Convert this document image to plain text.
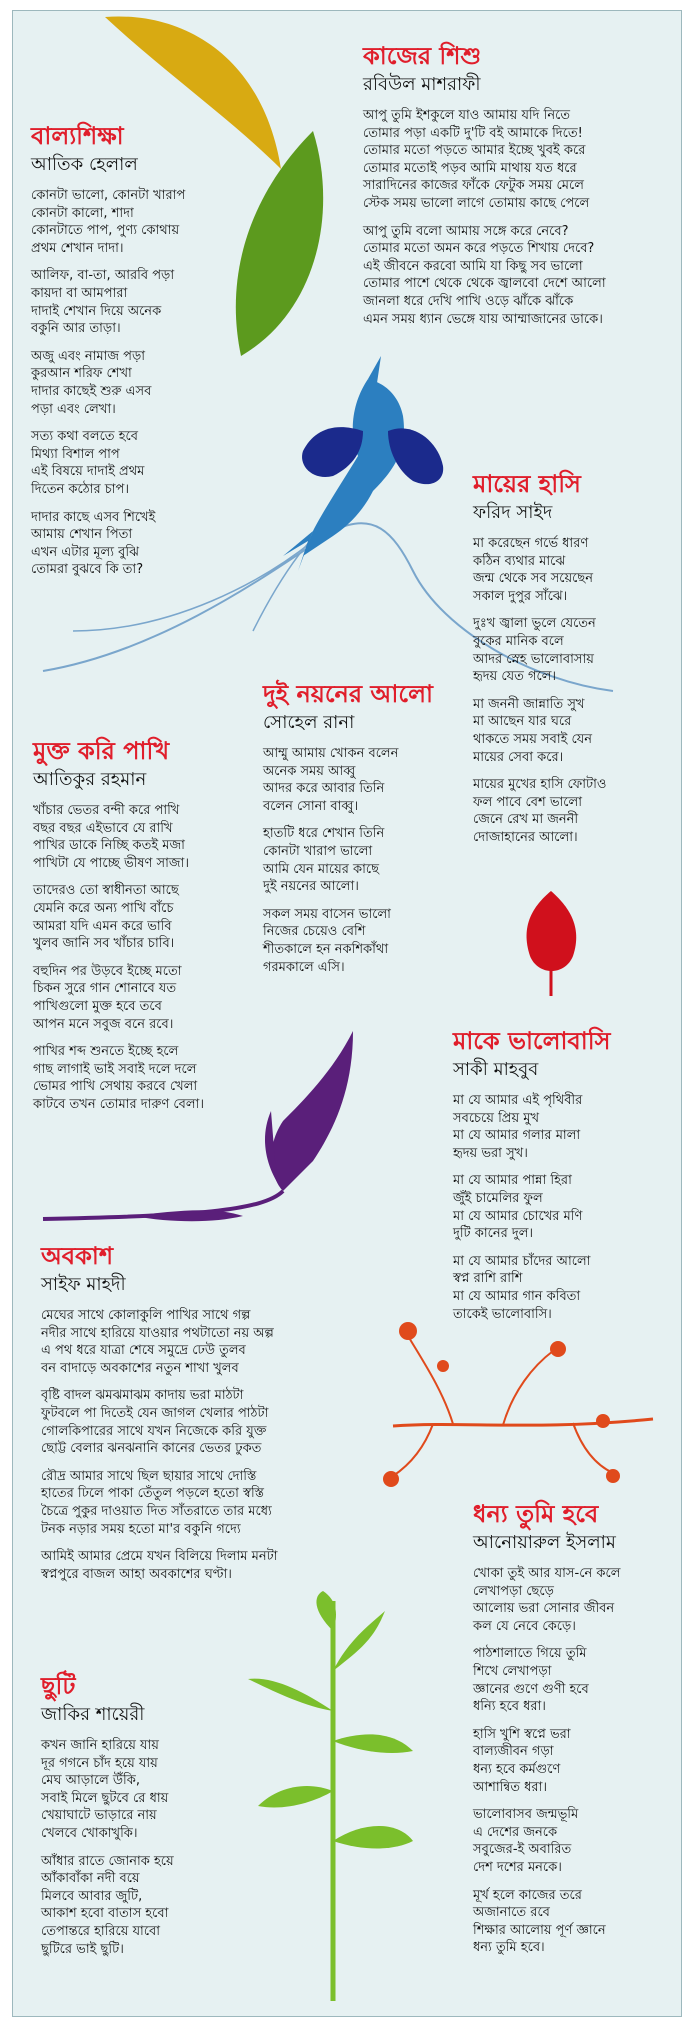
বাল্যশিক্ষা
আতিক হেলাল

কোনটা ভালো, কোনটা খারাপ
কোনটা কালো, শাদা
কোনটাতে পাপ, পুণ্য কোথায়
প্রথম শেখান দাদা।

আলিফ, বা-তা, আরবি পড়া
কায়দা বা আমপারা
দাদাই শেখান দিয়ে অনেক
বকুনি আর তাড়া।

অজু এবং নামাজ পড়া
কুরআন শরিফ শেখা
দাদার কাছেই শুরু এসব
পড়া এবং লেখা।

সত্য কথা বলতে হবে
মিথ্যা বিশাল পাপ
এই বিষয়ে দাদাই প্রথম
দিতেন কঠোর চাপ।

দাদার কাছে এসব শিখেই
আমায় শেখান পিতা
এখন এটার মূল্য বুঝি
তোমরা বুঝবে কি তা?

কাজের শিশু
রবিউল মাশরাফী

আপু তুমি ইশকুলে যাও আমায় যদি নিতে
তোমার পড়া একটি দু'টি বই আমাকে দিতে!
তোমার মতো পড়তে আমার ইচ্ছে খুবই করে
তোমার মতোই পড়ব আমি মাথায় যত ধরে
সারাদিনের কাজের ফাঁকে ফেটুক সময় মেলে
স্টেক সময় ভালো লাগে তোমায় কাছে পেলে

আপু তুমি বলো আমায় সঙ্গে করে নেবে?
তোমার মতো অমন করে পড়তে শিখায় দেবে?
এই জীবনে করবো আমি যা কিছু সব ভালো
তোমার পাশে থেকে থেকে জ্বালবো দেশে আলো
জানলা ধরে দেখি পাখি ওড়ে ঝাঁকে ঝাঁকে
এমন সময় ধ্যান ভেঙ্গে যায় আম্মাজানের ডাকে।

মায়ের হাসি
ফরিদ সাইদ

মা করেছেন গর্ভে ধারণ
কঠিন ব্যথার মাঝে
জন্ম থেকে সব সয়েছেন
সকাল দুপুর সাঁঝে।

দুঃখ জ্বালা ভুলে যেতেন
বুকের মানিক বলে
আদর স্নেহ ভালোবাসায়
হৃদয় যেত গলে।

মা জননী জান্নাতি সুখ
মা আছেন যার ঘরে
থাকতে সময় সবাই যেন
মায়ের সেবা করে।

মায়ের মুখের হাসি ফোটাও
ফল পাবে বেশ ভালো
জেনে রেখ মা জননী
দোজাহানের আলো।

দুই নয়নের আলো
সোহেল রানা

আম্মু আমায় খোকন বলেন
অনেক সময় আব্বু
আদর করে আবার তিনি
বলেন সোনা বাব্বু।

হাতটি ধরে শেখান তিনি
কোনটা খারাপ ভালো
আমি যেন মায়ের কাছে
দুই নয়নের আলো।

সকল সময় বাসেন ভালো
নিজের চেয়েও বেশি
শীতকালে হন নকশিকাঁথা
গরমকালে এসি।

মুক্ত করি পাখি
আতিকুর রহমান

খাঁচার ভেতর বন্দী করে পাখি
বছর বছর এইভাবে যে রাখি
পাখির ডাকে নিচ্ছি কতই মজা
পাখিটা যে পাচ্ছে ভীষণ সাজা।

তাদেরও তো স্বাধীনতা আছে
যেমনি করে অন্য পাখি বাঁচে
আমরা যদি এমন করে ভাবি
খুলব জানি সব খাঁচার চাবি।

বহুদিন পর উড়বে ইচ্ছে মতো
চিকন সুরে গান শোনাবে যত
পাখিগুলো মুক্ত হবে তবে
আপন মনে সবুজ বনে রবে।

পাখির শব্দ শুনতে ইচ্ছে হলে
গাছ লাগাই ভাই সবাই দলে দলে
ভোমর পাখি সেথায় করবে খেলা
কাটবে তখন তোমার দারুণ বেলা।

মাকে ভালোবাসি
সাকী মাহবুব

মা যে আমার এই পৃথিবীর
সবচেয়ে প্রিয় মুখ
মা যে আমার গলার মালা
হৃদয় ভরা সুখ।

মা যে আমার পান্না হিরা
জুঁই চামেলির ফুল
মা যে আমার চোখের মণি
দুটি কানের দুল।

মা যে আমার চাঁদের আলো
স্বপ্ন রাশি রাশি
মা যে আমার গান কবিতা
তাকেই ভালোবাসি।

অবকাশ
সাইফ মাহদী

মেঘের সাথে কোলাকুলি পাখির সাথে গল্প
নদীর সাথে হারিয়ে যাওয়ার পথটাতো নয় অল্প
এ পথ ধরে যাত্রা শেষে সমুদ্রে ঢেউ তুলব
বন বাদাড়ে অবকাশের নতুন শাখা খুলব

বৃষ্টি বাদল ঝমঝমাঝম কাদায় ভরা মাঠটা
ফুটবলে পা দিতেই যেন জাগল খেলার পাঠটা
গোলকিপারের সাথে যখন নিজেকে করি যুক্ত
ছোট্ট বেলার ঝনঝনানি কানের ভেতর ঢুকত

রৌদ্র আমার সাথে ছিল ছায়ার সাথে দোস্তি
হাতের ঢিলে পাকা তেঁতুল পড়লে হতো স্বস্তি
চৈত্রে পুকুর দাওয়াত দিত সাঁতরাতে তার মধ্যে
টনক নড়ার সময় হতো মা'র বকুনি গদ্যে

আমিই আমার প্রেমে যখন বিলিয়ে দিলাম মনটা
স্বপ্নপুরে বাজল আহা অবকাশের ঘণ্টা।

ধন্য তুমি হবে
আনোয়ারুল ইসলাম

খোকা তুই আর যাস-নে কলে
লেখাপড়া ছেড়ে
আলোয় ভরা সোনার জীবন
কল যে নেবে কেড়ে।

পাঠশালাতে গিয়ে তুমি
শিখে লেখাপড়া
জ্ঞানের গুণে গুণী হবে
ধন্যি হবে ধরা।

হাসি খুশি স্বপ্নে ভরা
বাল্যজীবন গড়া
ধন্য হবে কর্মগুণে
আশান্বিত ধরা।

ভালোবাসব জন্মভূমি
এ দেশের জনকে
সবুজের-ই অবারিত
দেশ দশের মনকে।

মূর্খ হলে কাজের তরে
অজানাতে রবে
শিক্ষার আলোয় পূর্ণ জ্ঞানে
ধন্য তুমি হবে।

ছুটি
জাকির শায়েরী

কখন জানি হারিয়ে যায়
দূর গগনে চাঁদ হয়ে যায়
মেঘ আড়ালে উঁকি,
সবাই মিলে ছুটবে রে ধায়
খেয়াঘাটে ভাড়ারে নায়
খেলবে খোকাখুকি।

আঁধার রাতে জোনাক হয়ে
আঁকাবাঁকা নদী বয়ে
মিলবে আবার জুটি,
আকাশ হবো বাতাস হবো
তেপান্তরে হারিয়ে যাবো
ছুটিরে ভাই ছুটি।
